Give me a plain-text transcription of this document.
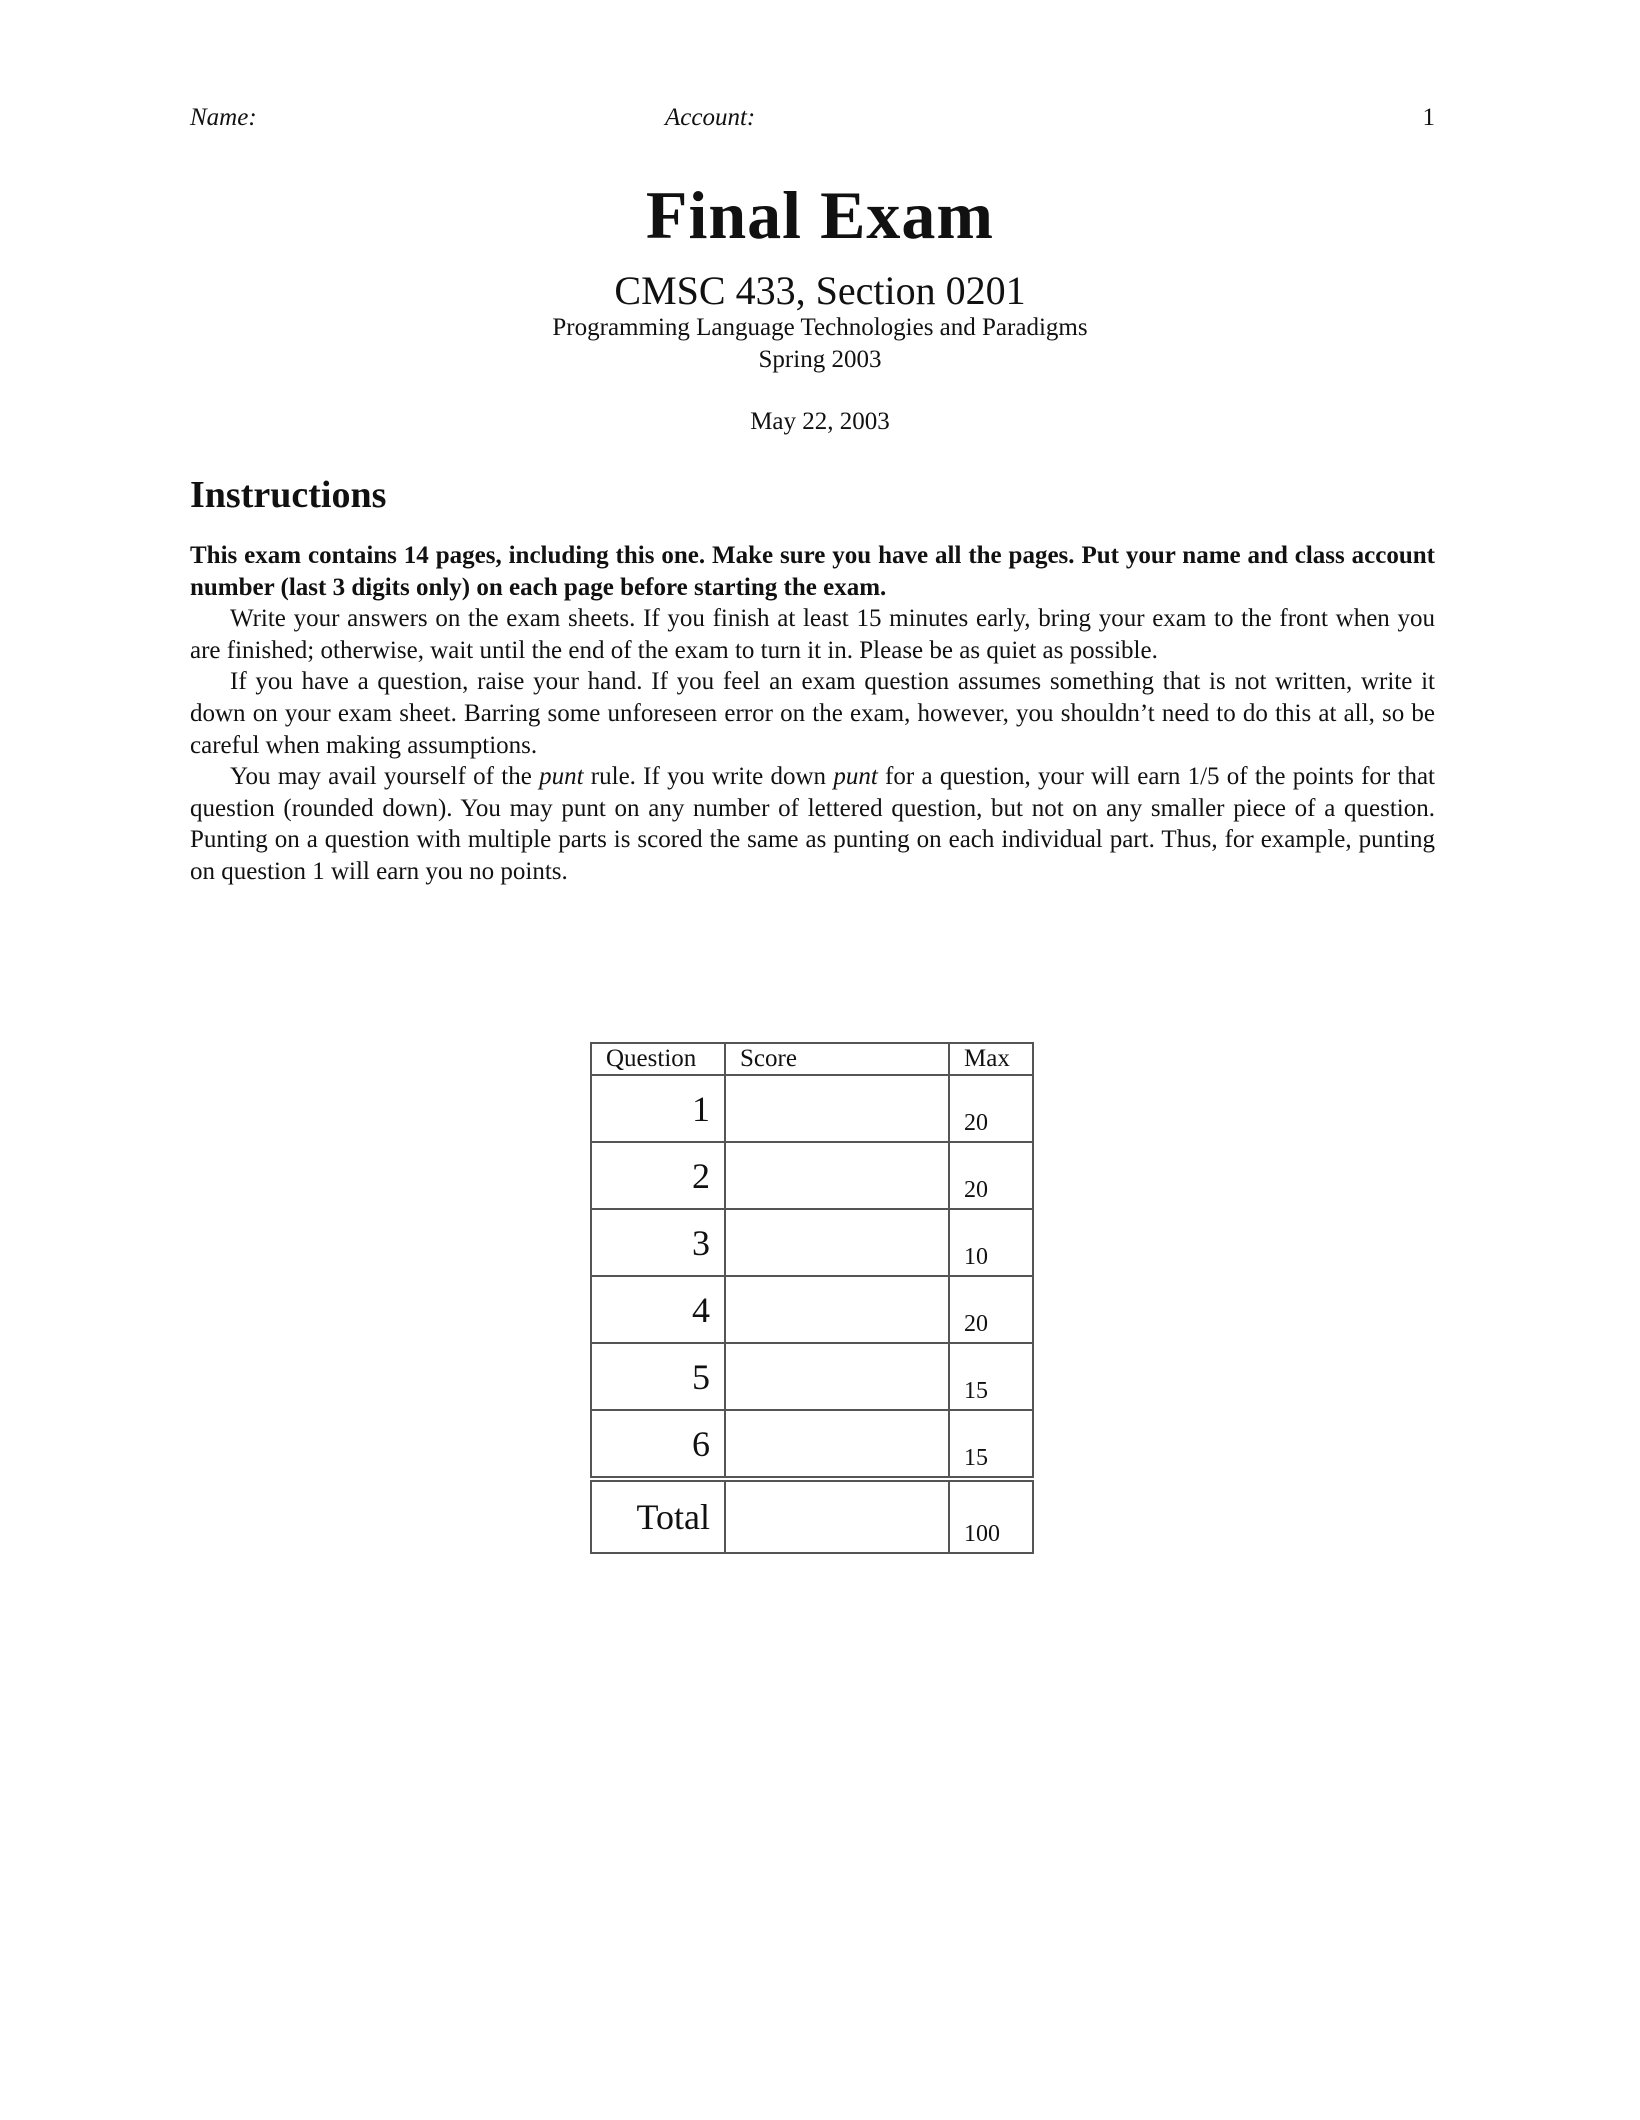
Name:	Account:	1
Final Exam
CMSC 433, Section 0201
Programming Language Technologies and Paradigms
Spring 2003
May 22, 2003
Instructions

This exam contains 14 pages, including this one. Make sure you have all the pages. Put your name and class account number (last 3 digits only) on each page before starting the exam.

Write your answers on the exam sheets. If you finish at least 15 minutes early, bring your exam to the front when you are finished; otherwise, wait until the end of the exam to turn it in. Please be as quiet as possible.

If you have a question, raise your hand. If you feel an exam question assumes something that is not written, write it down on your exam sheet. Barring some unforeseen error on the exam, however, you shouldn’t need to do this at all, so be careful when making assumptions.

You may avail yourself of the punt rule. If you write down punt for a question, your will earn 1/5 of the points for that question (rounded down). You may punt on any number of lettered question, but not on any smaller piece of a question. Punting on a question with multiple parts is scored the same as punting on each individual part. Thus, for example, punting on question 1 will earn you no points.

Question	Score	Max
1		20
2		20
3		10
4		20
5		15
6		15
Total		100
